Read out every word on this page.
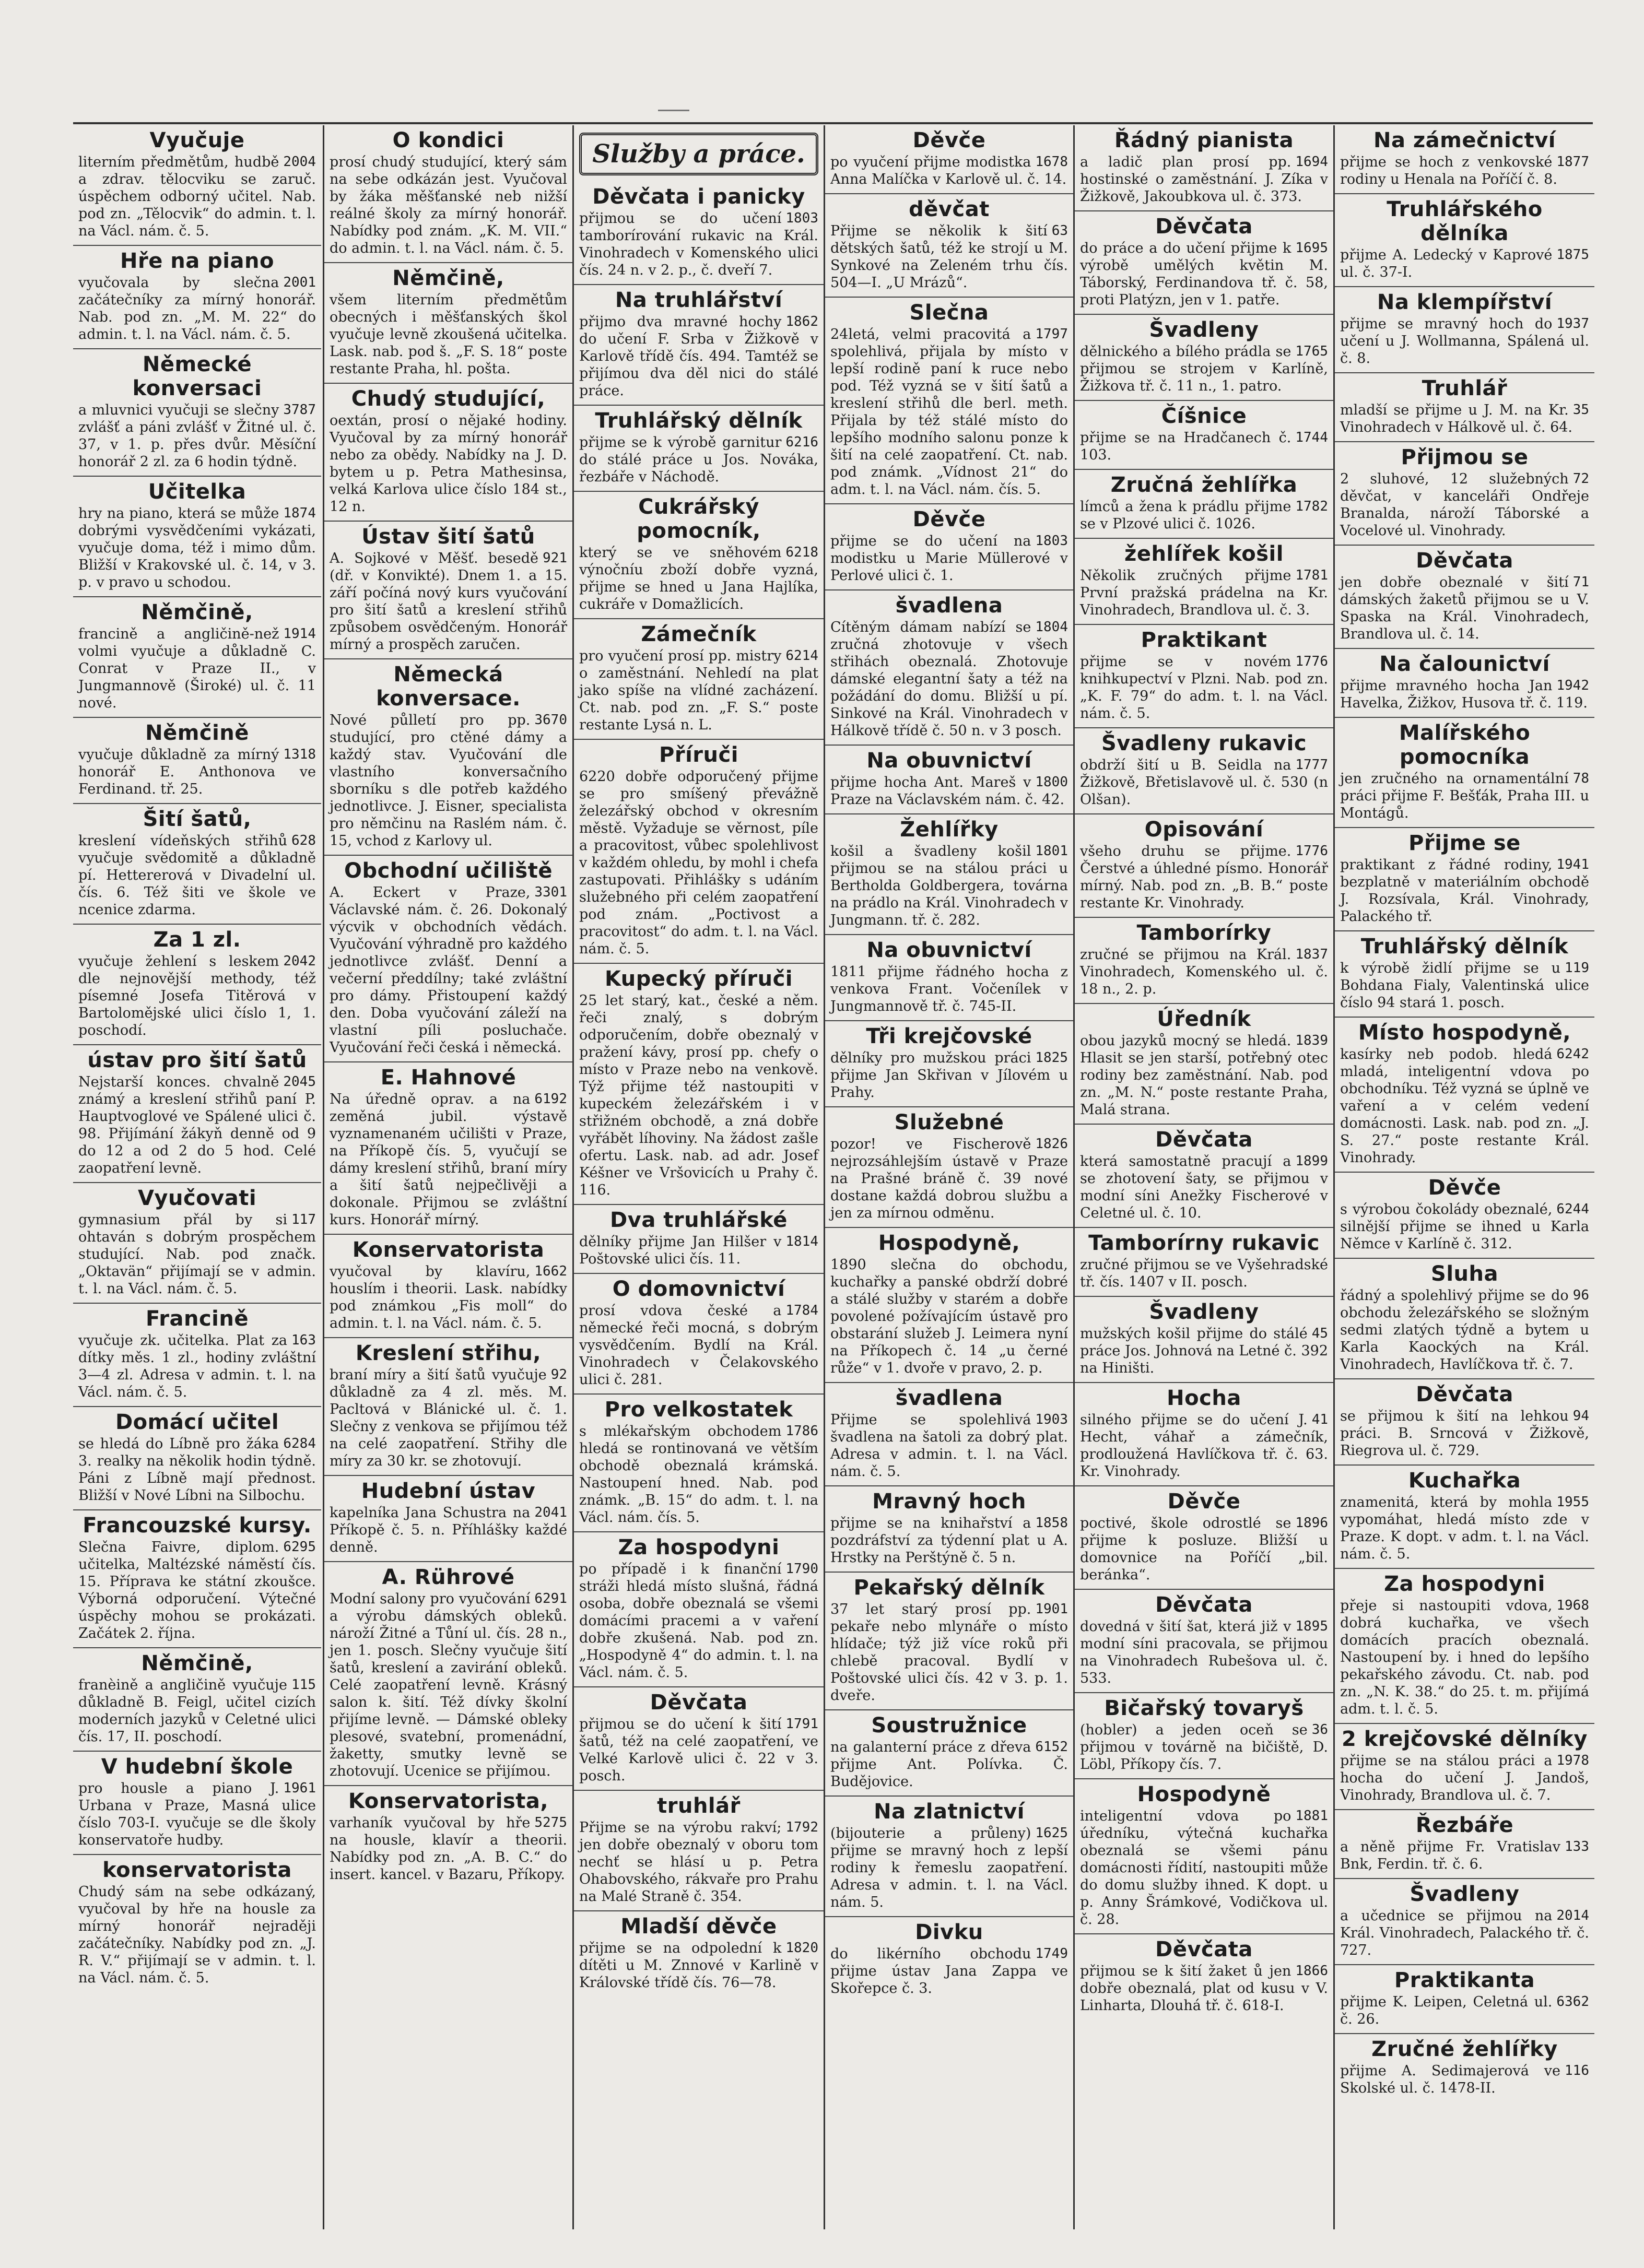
Vyučuje
2004
literním předmětům, hudbě a zdrav. tělocviku se zaruč. úspěchem odborný učitel. Nab. pod zn. „Tělocvik“ do admin. t. l. na Václ. nám. č. 5.
Hře na piano
2001
vyučovala by slečna začátečníky za mírný honorář. Nab. pod zn. „M. M. 22“ do admin. t. l. na Václ. nám. č. 5.
Německé konversaci
3787
a mluvnici vyučuji se slečny zvlášť a páni zvlášť v Žitné ul. č. 37, v 1. p. přes dvůr. Měsíční honorář 2 zl. za 6 hodin týdně.
Učitelka
1874
hry na piano, která se může dobrými vysvědčeními vykázati, vyučuje doma, též i mimo dům. Bližší v Krakovské ul. č. 14, v 3. p. v pravo u schodou.
Němčině,
1914
francině a angličině-než volmi vyučuje a důkladně C. Conrat v Praze II., v Jungmannově (Široké) ul. č. 11 nové.
Němčině
1318
vyučuje důkladně za mírný honorář E. Anthonova ve Ferdinand. tř. 25.
Šití šatů,
628
kreslení vídeňských střihů vyučuje svědomitě a důkladně pí. Hettererová v Divadelní ul. čís. 6. Též šiti ve škole ve ncenice zdarma.
Za 1 zl.
2042
vyučuje žehlení s leskem dle nejnovější methody, též písemné Josefa Titěrová v Bartolomějské ulici číslo 1, 1. poschodí.
ústav pro šití šatů
2045
Nejstarší konces. chvalně známý a kreslení střihů paní P. Hauptvoglové ve Spálené ulici č. 98. Přijímání žákyň denně od 9 do 12 a od 2 do 5 hod. Celé zaopatření levně.
Vyučovati
117
gymnasium přál by si ohtaván s dobrým prospěchem studující. Nab. pod značk. „Oktavän“ přijímají se v admin. t. l. na Václ. nám. č. 5.
Francině
163
vyučuje zk. učitelka. Plat za dítky měs. 1 zl., hodiny zvláštní 3—4 zl. Adresa v admin. t. l. na Václ. nám. č. 5.
Domácí učitel
6284
se hledá do Líbně pro žáka 3. realky na několik hodin týdně. Páni z Líbně mají přednost. Bližší v Nové Líbni na Silbochu.
Francouzské kursy.
6295
Slečna Faivre, diplom. učitelka, Maltézské náměstí čís. 15. Příprava ke státní zkoušce. Výborná odporučení. Výtečné úspěchy mohou se prokázati. Začátek 2. října.
Němčině,
115
franèině a angličině vyučuje důkladně B. Feigl, učitel cizích moderních jazyků v Celetné ulici čís. 17, II. poschodí.
V hudební škole
1961
pro housle a piano J. Urbana v Praze, Masná ulice číslo 703-I. vyučuje se dle školy konservatoře hudby.
konservatorista
Chudý sám na sebe odkázaný, vyučoval by hře na housle za mírný honorář nejraději začátečníky. Nabídky pod zn. „J. R. V.“ přijímají se v admin. t. l. na Václ. nám. č. 5.
O kondici
prosí chudý studující, který sám na sebe odkázán jest. Vyučoval by žáka měšťanské neb nižší reálné školy za mírný honorář. Nabídky pod znám. „K. M. VII.“ do admin. t. l. na Václ. nám. č. 5.
Němčině,
všem literním předmětům obecných i měšťanských škol vyučuje levně zkoušená učitelka. Lask. nab. pod š. „F. S. 18“ poste restante Praha, hl. pošta.
Chudý studující,
oextán, prosí o nějaké hodiny. Vyučoval by za mírný honorář nebo za obědy. Nabídky na J. D. bytem u p. Petra Mathesinsa, velká Karlova ulice číslo 184 st., 12 n.
Ústav šití šatů
921
A. Sojkové v Měšť. besedě (dř. v Konvikté). Dnem 1. a 15. září počíná nový kurs vyučování pro šití šatů a kreslení střihů způsobem osvědčeným. Honorář mírný a prospěch zaručen.
Německá konversace.
3670
Nové půlletí pro pp. studující, pro ctěné dámy a každý stav. Vyučování dle vlastního konversačního sborníku s dle potřeb každého jednotlivce. J. Eisner, specialista pro němčinu na Raslém nám. č. 15, vchod z Karlovy ul.
Obchodní učiliště
3301
A. Eckert v Praze, Václavské nám. č. 26. Dokonalý výcvik v obchodních vědách. Vyučování výhradně pro každého jednotlivce zvlášť. Denní a večerní předdílny; také zvláštní pro dámy. Přistoupení každý den. Doba vyučování záleží na vlastní píli posluchače. Vyučování řeči česká i německá.
E. Hahnové
6192
Na úředně oprav. a na zeměná jubil. výstavě vyznamenaném učilišti v Praze, na Příkopě čís. 5, vyučují se dámy kreslení střihů, braní míry a šití šatů nejpečlivěji a dokonale. Přijmou se zvláštní kurs. Honorář mírný.
Konservatorista
1662
vyučoval by klavíru, houslím i theorii. Lask. nabídky pod známkou „Fis moll“ do admin. t. l. na Václ. nám. č. 5.
Kreslení střihu,
92
braní míry a šití šatů vyučuje důkladně za 4 zl. měs. M. Pacltová v Blánické ul. č. 1. Slečny z venkova se přijímou též na celé zaopatření. Střihy dle míry za 30 kr. se zhotovují.
Hudební ústav
2041
kapelníka Jana Schustra na Příkopě č. 5. n. Příhlášky každé denně.
A. Rührové
6291
Modní salony pro vyučování a výrobu dámských obleků. nároží Žitné a Tůní ul. čís. 28 n., jen 1. posch. Slečny vyučuje šití šatů, kreslení a zavirání obleků. Celé zaopatření levně. Krásný salon k. šití. Též dívky školní přijíme levně. — Dámské obleky plesové, svatební, promenádní, žaketty, smutky levně se zhotovují. Ucenice se přijímou.
Konservatorista,
5275
varhaník vyučoval by hře na housle, klavír a theorii. Nabídky pod zn. „A. B. C.“ do insert. kancel. v Bazaru, Příkopy.
Služby a práce.
Děvčata i panicky
1803
přijmou se do učení tamborírování rukavic na Král. Vinohradech v Komenského ulici čís. 24 n. v 2. p., č. dveří 7.
Na truhlářství
1862
přijmo dva mravné hochy do učení F. Srba v Žižkově v Karlově třídě čís. 494. Tamtéž se přijímou dva děl nici do stálé práce.
Truhlářský dělník
6216
přijme se k výrobě garnitur do stálé práce u Jos. Nováka, řezbáře v Náchodě.
Cukrářský pomocník,
6218
který se ve sněhovém výnočníu zboží dobře vyzná, přijme se hned u Jana Hajlíka, cukráře v Domažlicích.
Zámečník
6214
pro vyučení prosí pp. mistry o zaměstnání. Nehledí na plat jako spíše na vlídné zacházení. Ct. nab. pod zn. „F. S.“ poste restante Lysá n. L.
Příruči
6220 dobře odporučený přijme se pro smíšený převážně železářský obchod v okresním městě. Vyžaduje se věrnost, píle a pracovitost, vůbec spolehlivost v každém ohledu, by mohl i chefa zastupovati. Přihlášky s udáním služebného při celém zaopatření pod znám. „Poctivost a pracovitost“ do adm. t. l. na Václ. nám. č. 5.
Kupecký příruči
25 let starý, kat., české a něm. řeči znalý, s dobrým odporučením, dobře obeznalý v pražení kávy, prosí pp. chefy o místo v Praze nebo na venkově. Týž přijme též nastoupiti v kupeckém železářském i v střižném obchodě, a zná dobře vyřábět líhoviny. Na žádost zašle ofertu. Lask. nab. ad adr. Josef Kéšner ve Vršovicích u Prahy č. 116.
Dva truhlářské
1814
dělníky přijme Jan Hilšer v Poštovské ulici čís. 11.
O domovnictví
1784
prosí vdova české a německé řeči mocná, s dobrým vysvědčením. Bydlí na Král. Vinohradech v Čelakovského ulici č. 281.
Pro velkostatek
1786
s mlékařským obchodem hledá se rontinovaná ve větším obchodě obeznalá krámská. Nastoupení hned. Nab. pod známk. „B. 15“ do adm. t. l. na Václ. nám. čís. 5.
Za hospodyni
1790
po případě i k finanční stráži hledá místo slušná, řádná osoba, dobře obeznalá se všemi domácími pracemi a v vaření dobře zkušená. Nab. pod zn. „Hospodyně 4“ do admin. t. l. na Václ. nám. č. 5.
Děvčata
1791
přijmou se do učení k šití šatů, též na celé zaopatření, ve Velké Karlově ulici č. 22 v 3. posch.
truhlář
1792
Přijme se na výrobu rakví; jen dobře obeznalý v oboru tom nechť se hlásí u p. Petra Ohabovského, rákvaře pro Prahu na Malé Straně č. 354.
Mladší děvče
1820
přijme se na odpolední k dítěti u M. Znnové v Karlině v Královské třídě čís. 76—78.
Děvče
1678
po vyučení přijme modistka Anna Malíčka v Karlově ul. č. 14.
děvčat
63
Přijme se několik k šití dětských šatů, též ke strojí u M. Synkové na Zeleném trhu čís. 504—I. „U Mrázů“.
Slečna
1797
24letá, velmi pracovitá a spolehlivá, přijala by místo v lepší rodině paní k ruce nebo pod. Též vyzná se v šití šatů a kreslení střihů dle berl. meth. Přijala by též stálé místo do lepšího modního salonu ponze k šití na celé zaopatření. Ct. nab. pod známk. „Vídnost 21“ do adm. t. l. na Václ. nám. čís. 5.
Děvče
1803
přijme se do učení na modistku u Marie Müllerové v Perlové ulici č. 1.
švadlena
1804
Cítěným dámam nabízí se zručná zhotovuje v všech střihách obeznalá. Zhotovuje dámské elegantní šaty a též na požádání do domu. Bližší u pí. Sinkové na Král. Vinohradech v Hálkově třídě č. 50 n. v 3 posch.
Na obuvnictví
1800
přijme hocha Ant. Mareš v Praze na Václavském nám. č. 42.
Žehlířky
1801
košil a švadleny košil přijmou se na stálou práci u Bertholda Goldbergera, továrna na prádlo na Král. Vinohradech v Jungmann. tř. č. 282.
Na obuvnictví
1811 přijme řádného hocha z venkova Frant. Vočenílek v Jungmannově tř. č. 745-II.
Tři krejčovské
1825
dělníky pro mužskou práci přijme Jan Skřivan v Jílovém u Prahy.
Služebné
1826
pozor! ve Fischerově nejrozsáhlejším ústavě v Praze na Prašné bráně č. 39 nové dostane každá dobrou službu a jen za mírnou odměnu.
Hospodyně,
1890 slečna do obchodu, kuchařky a panské obdrží dobré a stálé služby v starém a dobře povolené požívajícím ústavě pro obstarání služeb J. Leimera nyní na Příkopech č. 14 „u černé růže“ v 1. dvoře v pravo, 2. p.
švadlena
1903
Přijme se spolehlivá švadlena na šatoli za dobrý plat. Adresa v admin. t. l. na Václ. nám. č. 5.
Mravný hoch
1858
přijme se na knihařství a pozdráfství za týdenní plat u A. Hrstky na Perštýně č. 5 n.
Pekařský dělník
1901
37 let starý prosí pp. pekaře nebo mlynáře o místo hlídače; týž již více roků při chlebě pracoval. Bydlí v Poštovské ulici čís. 42 v 3. p. 1. dveře.
Soustružnice
6152
na galanterní práce z dřeva přijme Ant. Polívka. Č. Budějovice.
Na zlatnictví
1625
(bijouterie a průleny) přijme se mravný hoch z lepší rodiny k řemeslu zaopatření. Adresa v admin. t. l. na Václ. nám. 5.
Divku
1749
do likérního obchodu přijme ústav Jana Zappa ve Skořepce č. 3.
Řádný pianista
1694
a ladič plan prosí pp. hostinské o zaměstnání. J. Zíka v Žižkově, Jakoubkova ul. č. 373.
Děvčata
1695
do práce a do učení přijme k výrobě umělých květin M. Táborský, Ferdinandova tř. č. 58, proti Platýzn, jen v 1. patře.
Švadleny
1765
dělnického a bílého prádla se přijmou se strojem v Karlíně, Žižkova tř. č. 11 n., 1. patro.
Číšnice
1744
přijme se na Hradčanech č. 103.
Zručná žehlířka
1782
límců a žena k prádlu přijme se v Plzové ulici č. 1026.
žehlířek košil
1781
Několik zručných přijme První pražská prádelna na Kr. Vinohradech, Brandlova ul. č. 3.
Praktikant
1776
přijme se v novém knihkupectví v Plzni. Nab. pod zn. „K. F. 79“ do adm. t. l. na Václ. nám. č. 5.
Švadleny rukavic
1777
obdrží šití u B. Seidla na Žižkově, Břetislavově ul. č. 530 (n Olšan).
Opisování
1776
všeho druhu se přijme. Čerstvé a úhledné písmo. Honorář mírný. Nab. pod zn. „B. B.“ poste restante Kr. Vinohrady.
Tamborírky
1837
zručné se přijmou na Král. Vinohradech, Komenského ul. č. 18 n., 2. p.
Úředník
1839
obou jazyků mocný se hledá. Hlasit se jen starší, potřebný otec rodiny bez zaměstnání. Nab. pod zn. „M. N.“ poste restante Praha, Malá strana.
Děvčata
1899
která samostatně pracují a se zhotovení šaty, se přijmou v modní síni Anežky Fischerové v Celetné ul. č. 10.
Tamborírny rukavic
zručné přijmou se ve Vyšehradské tř. čís. 1407 v II. posch.
Švadleny
45
mužských košil přijme do stálé práce Jos. Johnová na Letné č. 392 na Hiništi.
Hocha
41
silného přijme se do učení J. Hecht, váhař a zámečník, prodloužená Havlíčkova tř. č. 63. Kr. Vinohrady.
Děvče
1896
poctivé, škole odrostlé se přijme k posluze. Bližší u domovnice na Poříčí „bil. beránka“.
Děvčata
1895
dovedná v šití šat, která již v modní síni pracovala, se přijmou na Vinohradech Rubešova ul. č. 533.
Bičařský tovaryš
36
(hobler) a jeden oceň se přijmou v továrně na bičiště, D. Löbl, Příkopy čís. 7.
Hospodyně
1881
inteligentní vdova po úředníku, výtečná kuchařka obeznalá se všemi pánu domácnosti řídití, nastoupiti může do domu služby ihned. K dopt. u p. Anny Šrámkové, Vodičkova ul. č. 28.
Děvčata
1866
přijmou se k šití žaket ů jen dobře obeznalá, plat od kusu v V. Linharta, Dlouhá tř. č. 618-I.
Na zámečnictví
1877
přijme se hoch z venkovské rodiny u Henala na Poříčí č. 8.
Truhlářského dělníka
1875
přijme A. Ledecký v Kaprové ul. č. 37-I.
Na klempířství
1937
přijme se mravný hoch do učení u J. Wollmanna, Spálená ul. č. 8.
Truhlář
35
mladší se přijme u J. M. na Kr. Vinohradech v Hálkově ul. č. 64.
Přijmou se
72
2 sluhové, 12 služebných děvčat, v kanceláři Ondřeje Branalda, nároží Táborské a Vocelové ul. Vinohrady.
Děvčata
71
jen dobře obeznalé v šití dámských žaketů přijmou se u V. Spaska na Král. Vinohradech, Brandlova ul. č. 14.
Na čalounictví
1942
přijme mravného hocha Jan Havelka, Žižkov, Husova tř. č. 119.
Malířského pomocníka
78
jen zručného na ornamentální práci přijme F. Bešťák, Praha III. u Montágů.
Přijme se
1941
praktikant z řádné rodiny, bezplatně v materiálním obchodě J. Rozsívala, Král. Vinohrady, Palackého tř.
Truhlářský dělník
119
k výrobě židlí přijme se u Bohdana Fialy, Valentinská ulice číslo 94 stará 1. posch.
Místo hospodyně,
6242
kasírky neb podob. hledá mladá, inteligentní vdova po obchodníku. Též vyzná se úplně ve vaření a v celém vedení domácnosti. Lask. nab. pod zn. „J. S. 27.“ poste restante Král. Vinohrady.
Děvče
6244
s výrobou čokolády obeznalé, silnější přijme se ihned u Karla Němce v Karlíně č. 312.
Sluha
96
řádný a spolehlivý přijme se do obchodu železářského se složným sedmi zlatých týdně a bytem u Karla Kaockých na Král. Vinohradech, Havlíčkova tř. č. 7.
Děvčata
94
se přijmou k šití na lehkou práci. B. Srncová v Žižkově, Riegrova ul. č. 729.
Kuchařka
1955
znamenitá, která by mohla vypomáhat, hledá místo zde v Praze. K dopt. v adm. t. l. na Václ. nám. č. 5.
Za hospodyni
1968
přeje si nastoupiti vdova, dobrá kuchařka, ve všech domácích pracích obeznalá. Nastoupení by. i hned do lepšího pekařského závodu. Ct. nab. pod zn. „N. K. 38.“ do 25. t. m. přijímá adm. t. l. č. 5.
2 krejčovské dělníky
1978
přijme se na stálou práci a hocha do učení J. Jandoš, Vinohrady, Brandlova ul. č. 7.
Řezbáře
133
a něně přijme Fr. Vratislav Bnk, Ferdin. tř. č. 6.
Švadleny
2014
a učednice se přijmou na Král. Vinohradech, Palackého tř. č. 727.
Praktikanta
6362
přijme K. Leipen, Celetná ul. č. 26.
Zručné žehlířky
116
přijme A. Sedimajerová ve Skolské ul. č. 1478-II.
